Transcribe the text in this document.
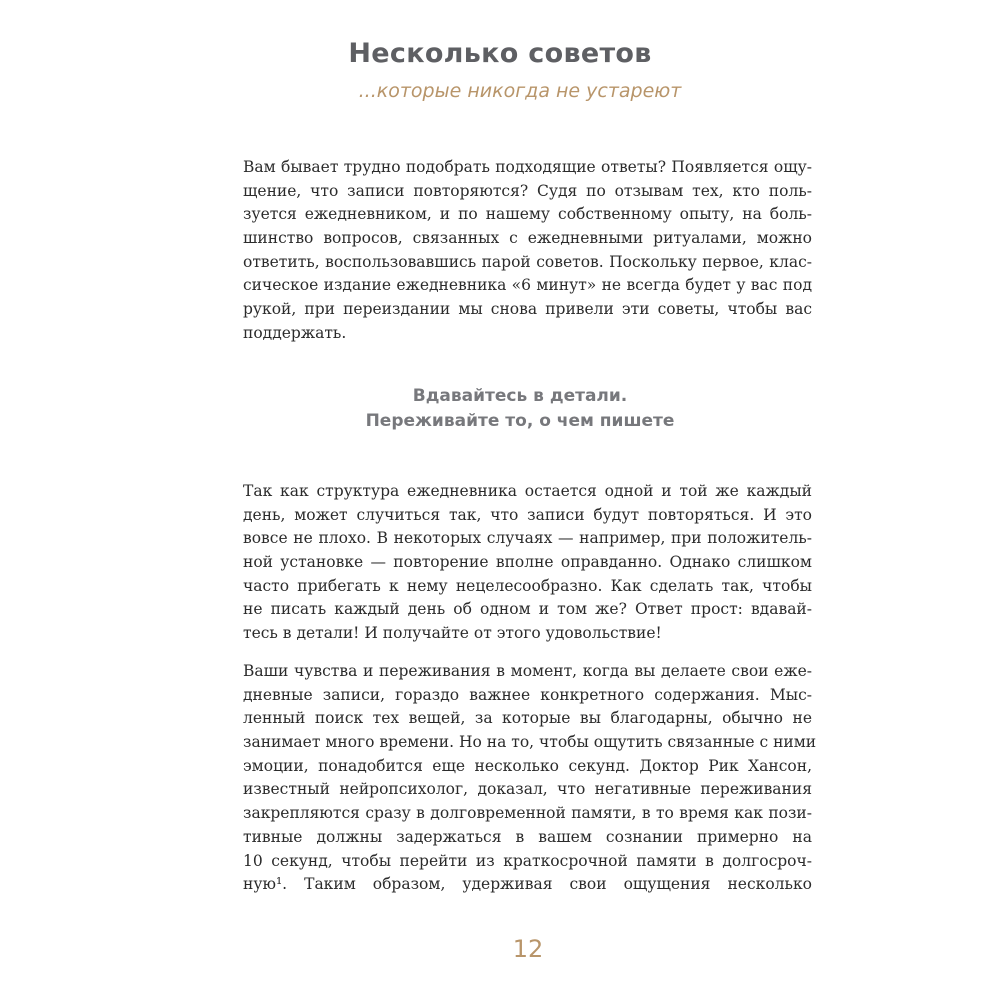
Несколько советов
...которые никогда не устареют
Вам бывает трудно подобрать подходящие ответы? Появляется ощу-
щение, что записи повторяются? Судя по отзывам тех, кто поль-
зуется ежедневником, и по нашему собственному опыту, на боль-
шинство вопросов, связанных с ежедневными ритуалами, можно
ответить, воспользовавшись парой советов. Поскольку первое, клас-
сическое издание ежедневника «6 минут» не всегда будет у вас под
рукой, при переиздании мы снова привели эти советы, чтобы вас
поддержать.
Вдавайтесь в детали.
Переживайте то, о чем пишете
Так как структура ежедневника остается одной и той же каждый
день, может случиться так, что записи будут повторяться. И это
вовсе не плохо. В некоторых случаях — например, при положитель-
ной установке — повторение вполне оправданно. Однако слишком
часто прибегать к нему нецелесообразно. Как сделать так, чтобы
не писать каждый день об одном и том же? Ответ прост: вдавай-
тесь в детали! И получайте от этого удовольствие!
Ваши чувства и переживания в момент, когда вы делаете свои еже-
дневные записи, гораздо важнее конкретного содержания. Мыс-
ленный поиск тех вещей, за которые вы благодарны, обычно не
занимает много времени. Но на то, чтобы ощутить связанные с ними
эмоции, понадобится еще несколько секунд. Доктор Рик Хансон,
известный нейропсихолог, доказал, что негативные переживания
закрепляются сразу в долговременной памяти, в то время как пози-
тивные должны задержаться в вашем сознании примерно на
10 секунд, чтобы перейти из краткосрочной памяти в долгосроч-
ную¹. Таким образом, удерживая свои ощущения несколько
12
